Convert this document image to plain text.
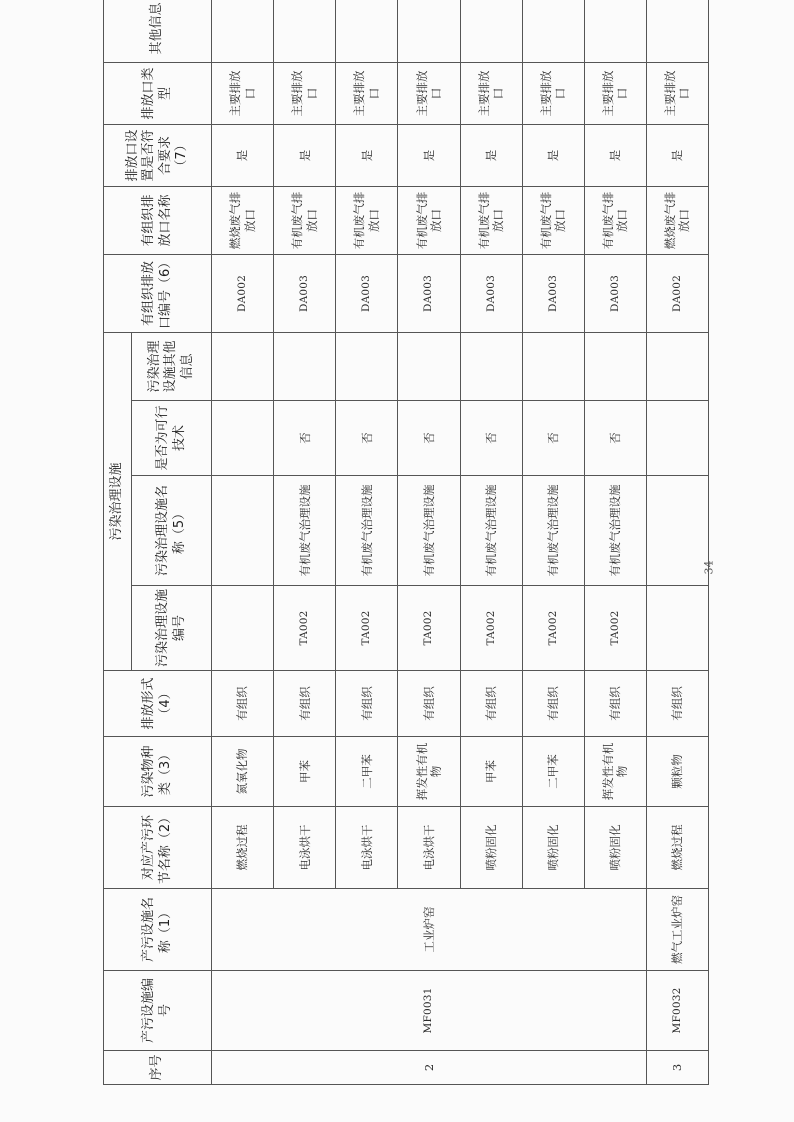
序号	产污设施编号	产污设施名称（1）	对应产污环节名称（2）	污染物种类（3）	排放形式（4）	污染治理设施				有组织排放口编号（6）	有组织排放口名称	排放口设置是否符合要求（7）	排放口类型	其他信息
						污染治理设施编号	污染治理设施名称（5）	是否为可行技术	污染治理设施其他信息					
2	MF0031	工业炉窑	燃烧过程	氮氧化物	有组织					DA002	燃烧废气排放口	是	主要排放口	
			电泳烘干	甲苯	有组织	TA002	有机废气治理设施	否		DA003	有机废气排放口	是	主要排放口	
			电泳烘干	二甲苯	有组织	TA002	有机废气治理设施	否		DA003	有机废气排放口	是	主要排放口	
			电泳烘干	挥发性有机物	有组织	TA002	有机废气治理设施	否		DA003	有机废气排放口	是	主要排放口	
			喷粉固化	甲苯	有组织	TA002	有机废气治理设施	否		DA003	有机废气排放口	是	主要排放口	
			喷粉固化	二甲苯	有组织	TA002	有机废气治理设施	否		DA003	有机废气排放口	是	主要排放口	
			喷粉固化	挥发性有机物	有组织	TA002	有机废气治理设施	否		DA003	有机废气排放口	是	主要排放口	
3	MF0032	燃气工业炉窑	燃烧过程	颗粒物	有组织					DA002	燃烧废气排放口	是	主要排放口	
34
